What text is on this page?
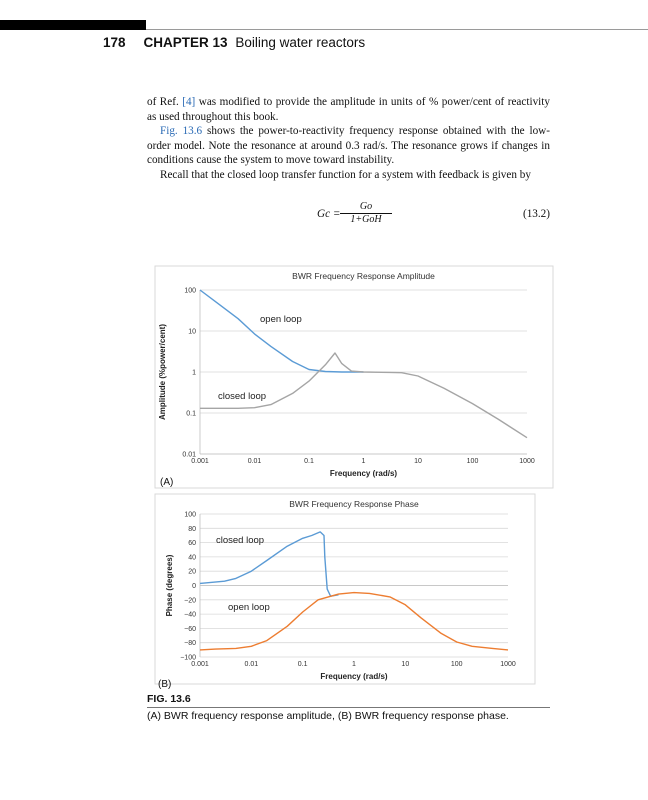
178 CHAPTER 13 Boiling water reactors

of Ref. [4] was modified to provide the amplitude in units of % power/cent of reactivity as used throughout this book.

Fig. 13.6 shows the power-to-reactivity frequency response obtained with the low-order model. Note the resonance at around 0.3 rad/s. The resonance grows if changes in conditions cause the system to move toward instability.

Recall that the closed loop transfer function for a system with feedback is given by

Gc =
Go
1+GoH	(13.2)
BWR Frequency Response Amplitude
0.01
0.1
1
10
100
0.001	0.01	0.1	1	10	100	1000
Frequency (rad/s)
Amplitude (%power/cent)
open loop
closed loop
(A)
BWR Frequency Response Phase
100
80
60
40
20
0
−20
−40
−60
−80
−100
0.001	0.01	0.1	1	10	100	1000
Frequency (rad/s)
Phase (degrees)
closed loop
open loop
(B)
FIG. 13.6
(A) BWR frequency response amplitude, (B) BWR frequency response phase.
